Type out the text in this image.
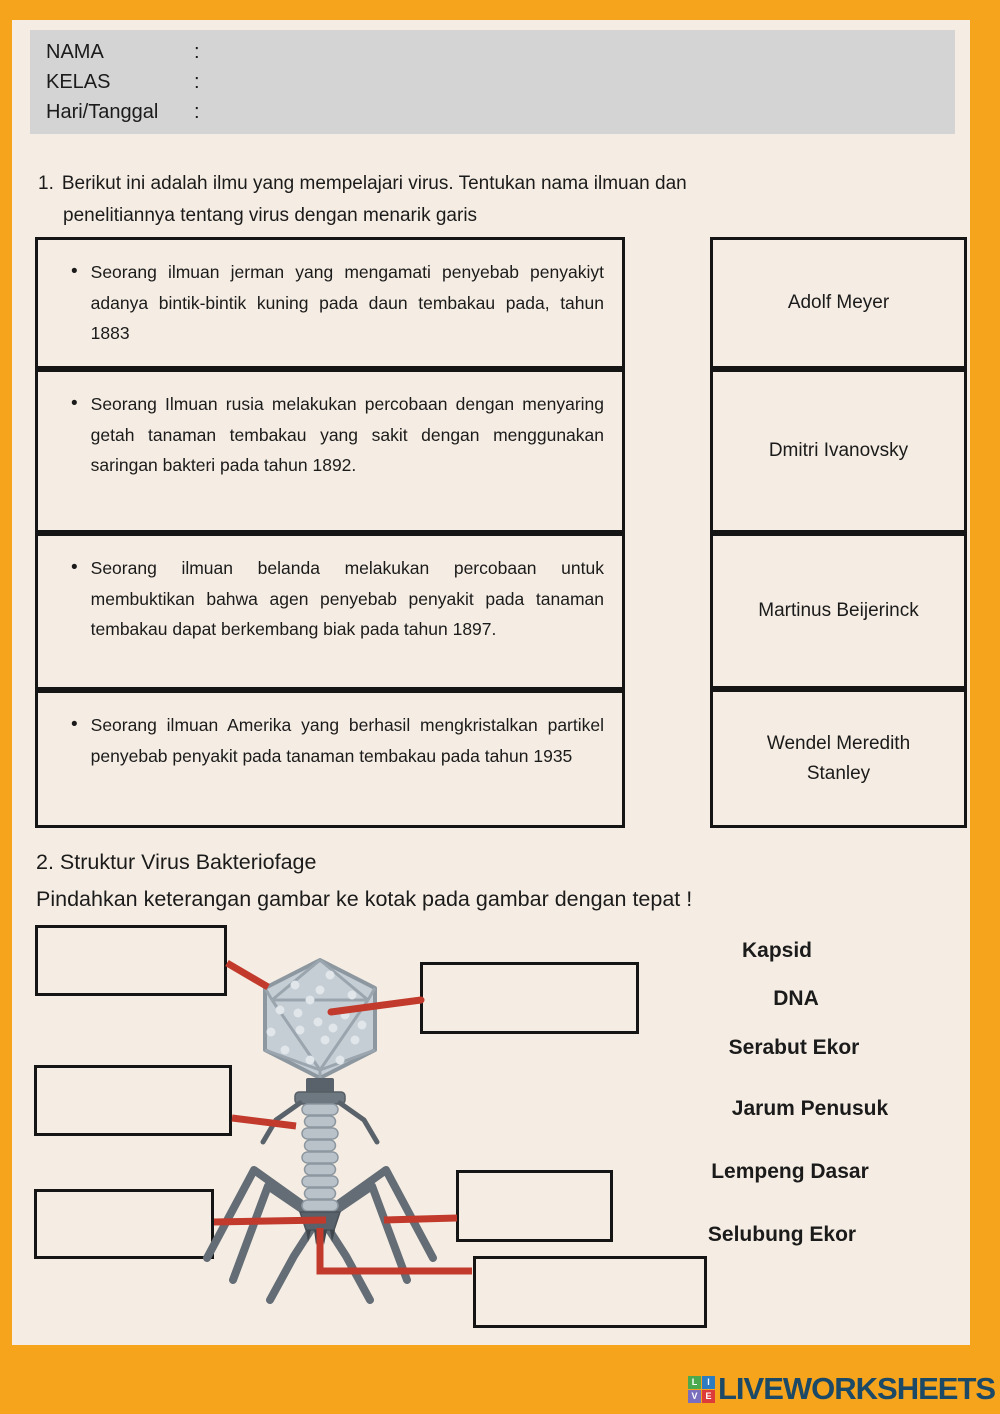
NAMA	:
KELAS	:
Hari/Tanggal	:
1. Berikut ini adalah ilmu yang mempelajari virus. Tentukan nama ilmuan dan
penelitiannya tentang virus dengan menarik garis
• Seorang ilmuan jerman yang mengamati penyebab penyakiyt adanya bintik-bintik kuning pada daun tembakau pada, tahun 1883
• Seorang Ilmuan rusia melakukan percobaan dengan menyaring getah tanaman tembakau yang sakit dengan menggunakan saringan bakteri pada tahun 1892.
• Seorang ilmuan belanda melakukan percobaan untuk membuktikan bahwa agen penyebab penyakit pada tanaman tembakau dapat berkembang biak pada tahun 1897.
• Seorang ilmuan Amerika yang berhasil mengkristalkan partikel penyebab penyakit pada tanaman tembakau pada tahun 1935
Adolf Meyer
Dmitri Ivanovsky
Martinus Beijerinck
Wendel Meredith Stanley
2. Struktur Virus Bakteriofage
Pindahkan keterangan gambar ke kotak pada gambar dengan tepat !
Kapsid
DNA
Serabut Ekor
Jarum Penusuk
Lempeng Dasar
Selubung Ekor
L	I
V E LIVEWORKSHEETS
